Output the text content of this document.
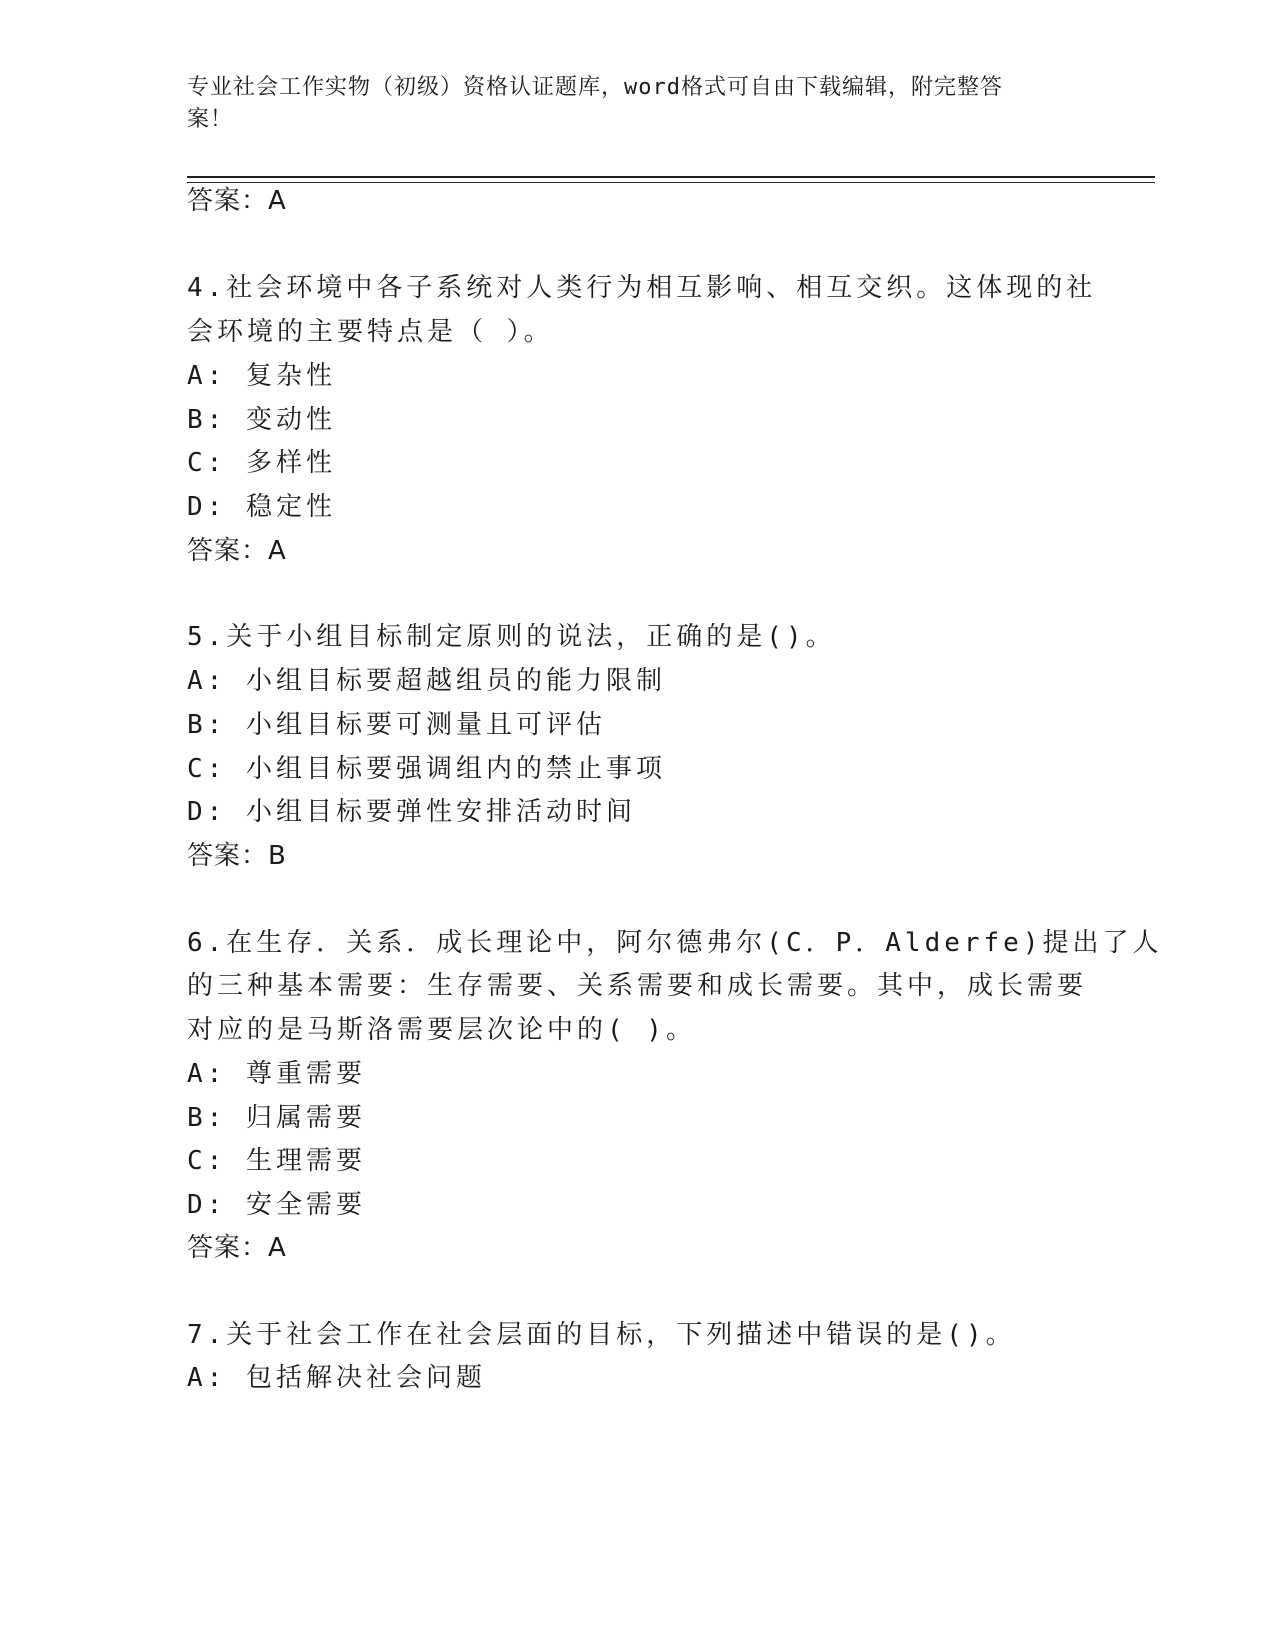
专业社会工作实物（初级）资格认证题库，word格式可自由下载编辑，附完整答
案！
答案：A
4.社会环境中各子系统对人类行为相互影响、相互交织。这体现的社
会环境的主要特点是（ ）。
A: 复杂性
B: 变动性
C: 多样性
D: 稳定性
答案：A
5.关于小组目标制定原则的说法，正确的是()。
A: 小组目标要超越组员的能力限制
B: 小组目标要可测量且可评估
C: 小组目标要强调组内的禁止事项
D: 小组目标要弹性安排活动时间
答案：B
6.在生存．关系．成长理论中，阿尔德弗尔(C．P．Alderfe)提出了人
的三种基本需要：生存需要、关系需要和成长需要。其中，成长需要
对应的是马斯洛需要层次论中的( )。
A: 尊重需要
B: 归属需要
C: 生理需要
D: 安全需要
答案：A
7.关于社会工作在社会层面的目标，下列描述中错误的是()。
A: 包括解决社会问题
